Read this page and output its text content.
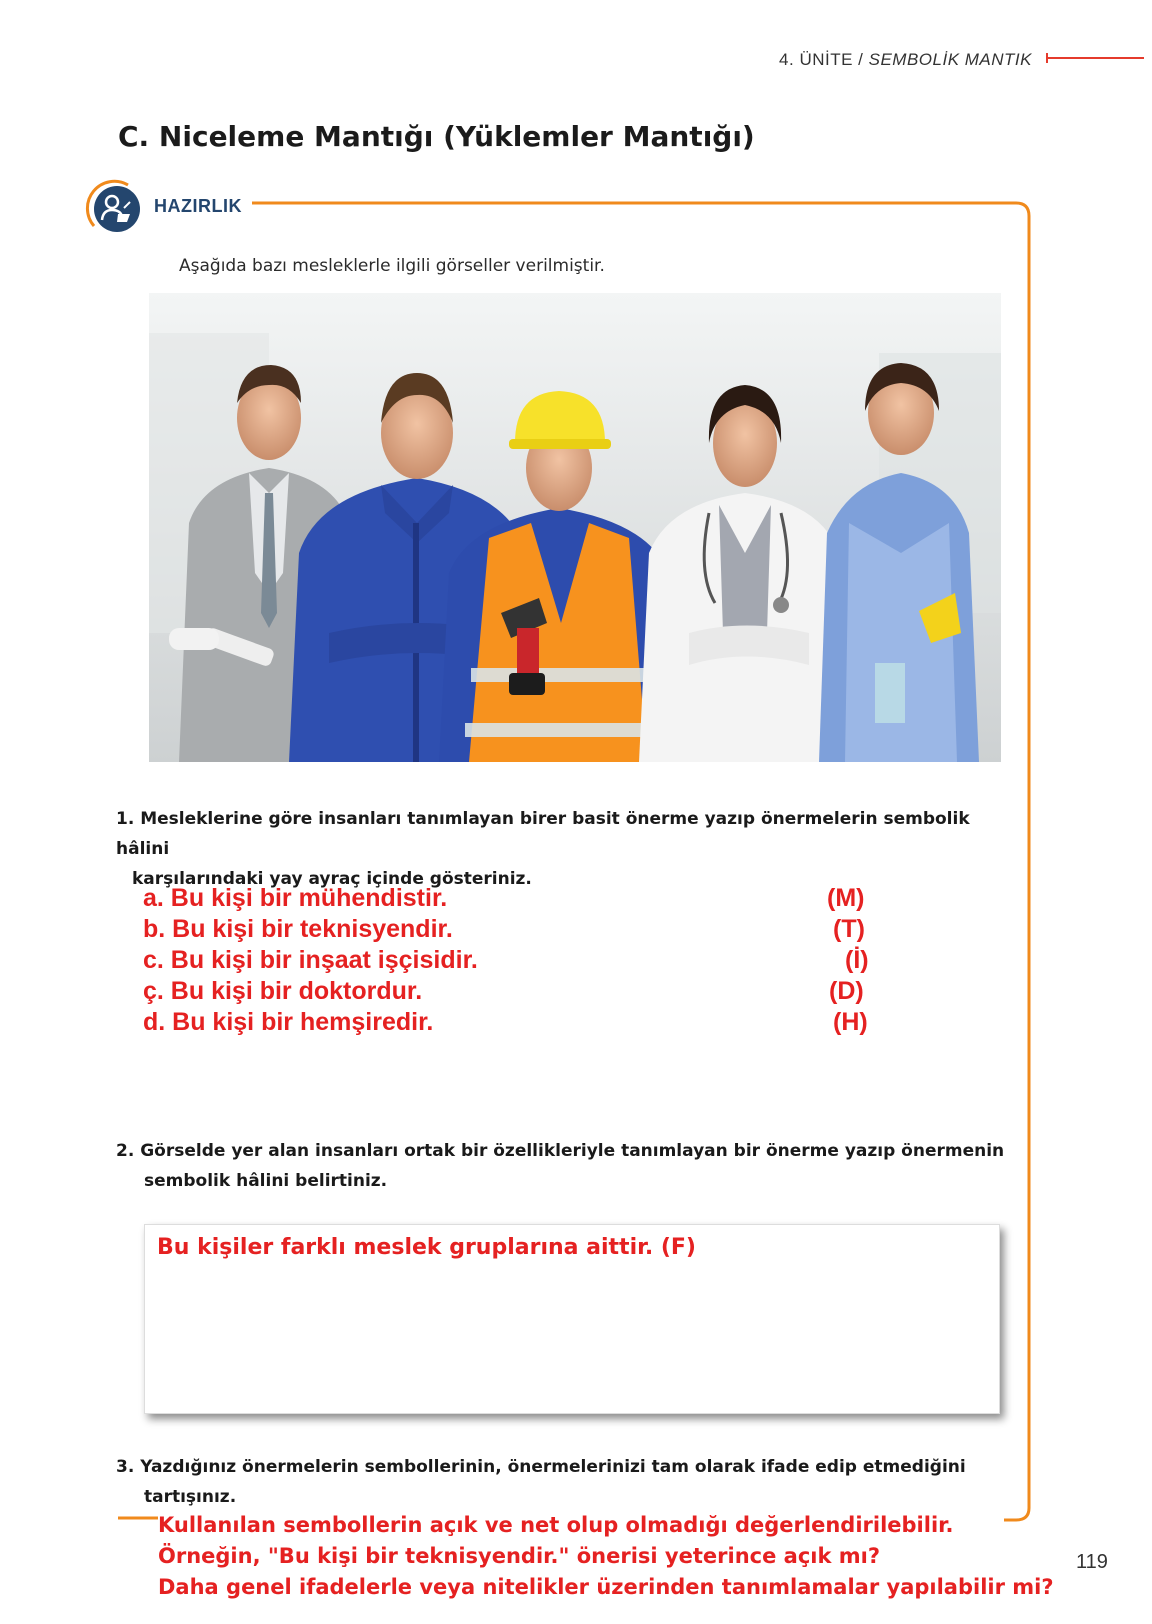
4. ÜNİTE / SEMBOLİK MANTIK
C. Niceleme Mantığı (Yüklemler Mantığı)
HAZIRLIK
Aşağıda bazı mesleklerle ilgili görseller verilmiştir.
1. Mesleklerine göre insanları tanımlayan birer basit önerme yazıp önermelerin sembolik hâlini
karşılarındaki yay ayraç içinde gösteriniz.
a. Bu kişi bir mühendistir.	(M)
b. Bu kişi bir teknisyendir.	(T)
c. Bu kişi bir inşaat işçisidir.	(İ)
ç. Bu kişi bir doktordur.	(D)
d. Bu kişi bir hemşiredir.	(H)
2. Görselde yer alan insanları ortak bir özellikleriyle tanımlayan bir önerme yazıp önermenin
sembolik hâlini belirtiniz.
Bu kişiler farklı meslek gruplarına aittir. (F)
3. Yazdığınız önermelerin sembollerinin, önermelerinizi tam olarak ifade edip etmediğini
tartışınız.
Kullanılan sembollerin açık ve net olup olmadığı değerlendirilebilir.
Örneğin, "Bu kişi bir teknisyendir." önerisi yeterince açık mı?
Daha genel ifadelerle veya nitelikler üzerinden tanımlamalar yapılabilir mi?
119
